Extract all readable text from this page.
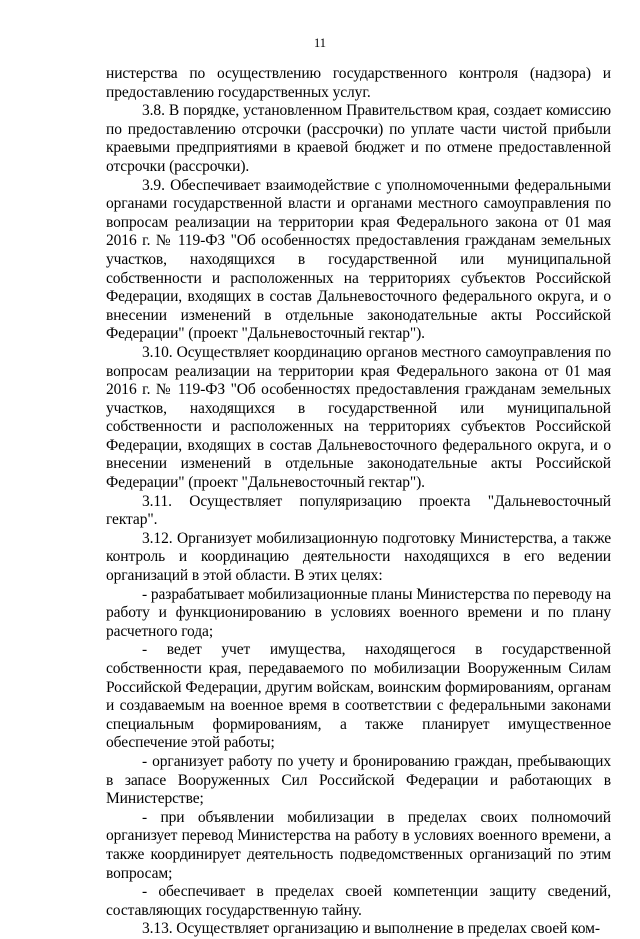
11

нистерства по осуществлению государственного контроля (надзора) и предоставлению государственных услуг.

3.8. В порядке, установленном Правительством края, создает комиссию по предоставлению отсрочки (рассрочки) по уплате части чистой прибыли краевыми предприятиями в краевой бюджет и по отмене предоставленной отсрочки (рассрочки).

3.9. Обеспечивает взаимодействие с уполномоченными федеральными органами государственной власти и органами местного самоуправления по вопросам реализации на территории края Федерального закона от 01 мая 2016 г. № 119-ФЗ "Об особенностях предоставления гражданам земельных участков, находящихся в государственной или муниципальной собственности и расположенных на территориях субъектов Российской Федерации, входящих в состав Дальневосточного федерального округа, и о внесении изменений в отдельные законодательные акты Российской Федерации" (проект "Дальневосточный гектар").

3.10. Осуществляет координацию органов местного самоуправления по вопросам реализации на территории края Федерального закона от 01 мая 2016 г. № 119-ФЗ "Об особенностях предоставления гражданам земельных участков, находящихся в государственной или муниципальной собственности и расположенных на территориях субъектов Российской Федерации, входящих в состав Дальневосточного федерального округа, и о внесении изменений в отдельные законодательные акты Российской Федерации" (проект "Дальневосточный гектар").

3.11. Осуществляет популяризацию проекта "Дальневосточный гектар".

3.12. Организует мобилизационную подготовку Министерства, а также контроль и координацию деятельности находящихся в его ведении организаций в этой области. В этих целях:

- разрабатывает мобилизационные планы Министерства по переводу на работу и функционированию в условиях военного времени и по плану расчетного года;

- ведет учет имущества, находящегося в государственной собственности края, передаваемого по мобилизации Вооруженным Силам Российской Федерации, другим войскам, воинским формированиям, органам и создаваемым на военное время в соответствии с федеральными законами специальным формированиям, а также планирует имущественное обеспечение этой работы;

- организует работу по учету и бронированию граждан, пребывающих в запасе Вооруженных Сил Российской Федерации и работающих в Министерстве;

- при объявлении мобилизации в пределах своих полномочий организует перевод Министерства на работу в условиях военного времени, а также координирует деятельность подведомственных организаций по этим вопросам;

- обеспечивает в пределах своей компетенции защиту сведений, составляющих государственную тайну.

3.13. Осуществляет организацию и выполнение в пределах своей ком-
